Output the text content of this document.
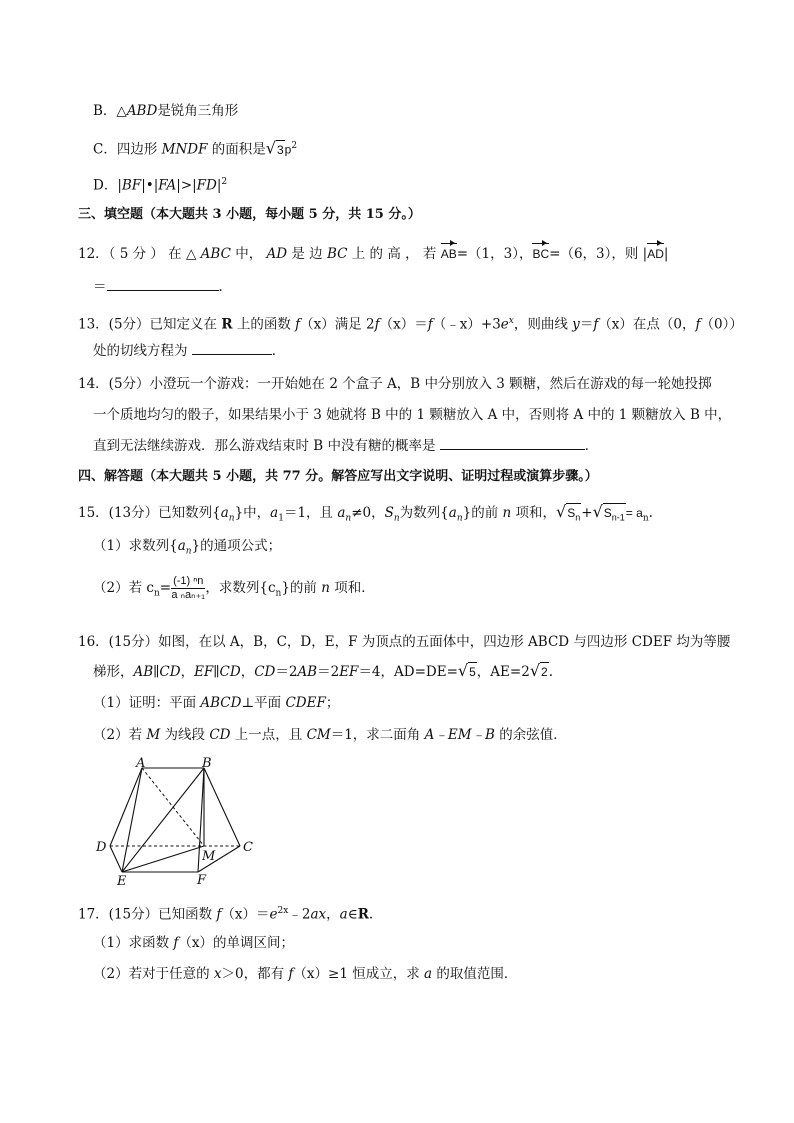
B．△ABD是锐角三角形
C．四边形 MNDF 的面积是$√3p^2$
D．$|BF|•|FA|>|FD|^2$
三、填空题（本大题共 3 小题，每小题 5 分，共 15 分。）
12．（ 5 分 ） 在 △ ABC 中， AD 是 边 BC 上 的 高 ， 若 AB=（1，3），BC=（6，3），则 |AD|
＝	．
13．(5分）已知定义在 R 上的函数 f（x）满足 $2f(x)=f(﹣x)+3e^x$，则曲线 y＝f（x）在点（0，f（0））
处的切线方程为	．
14．(5分）小澄玩一个游戏：一开始她在 2 个盒子 A，B 中分别放入 3 颗糖，然后在游戏的每一轮她投掷
一个质地均匀的骰子，如果结果小于 3 她就将 B 中的 1 颗糖放入 A 中，否则将 A 中的 1 颗糖放入 B 中，
直到无法继续游戏．那么游戏结束时 B 中没有糖的概率是	．
四、解答题（本大题共 5 小题，共 77 分。解答应写出文字说明、证明过程或演算步骤。）
15．(13分）已知数列$\{a_n\}$中，$a_1=1$，且 $a_n\ne 0$，$S_n$为数列$\{a_n\}$的前 n 项和，$√S_n+√S_{n-1}= a_n$.
（1）求数列$\{a_n\}$的通项公式；
（2）若 $c_n= \frac{\text{(-1) ⁿn}}{\text{a ₙaₙ₊₁}}$ ，求数列$\{c_n\}$的前 n 项和．
16．(15分）如图，在以 A，B，C，D，E，F 为顶点的五面体中，四边形 ABCD 与四边形 CDEF 均为等腰
梯形，AB∥CD，EF∥CD，CD＝2AB＝2EF＝4，AD=DE=√5，AE=2√2.
（1）证明：平面 ABCD⊥平面 CDEF；
（2）若 M 为线段 CD 上一点，且 CM＝1，求二面角 A﹣EM﹣B 的余弦值．
A	B
C
D
E	F
M
17．(15分）已知函数 $f(x)=e^{2x}﹣2ax$，a∈R.
（1）求函数 f（x）的单调区间；
（2）若对于任意的 x＞0，都有 f（x）≥1 恒成立，求 a 的取值范围．
